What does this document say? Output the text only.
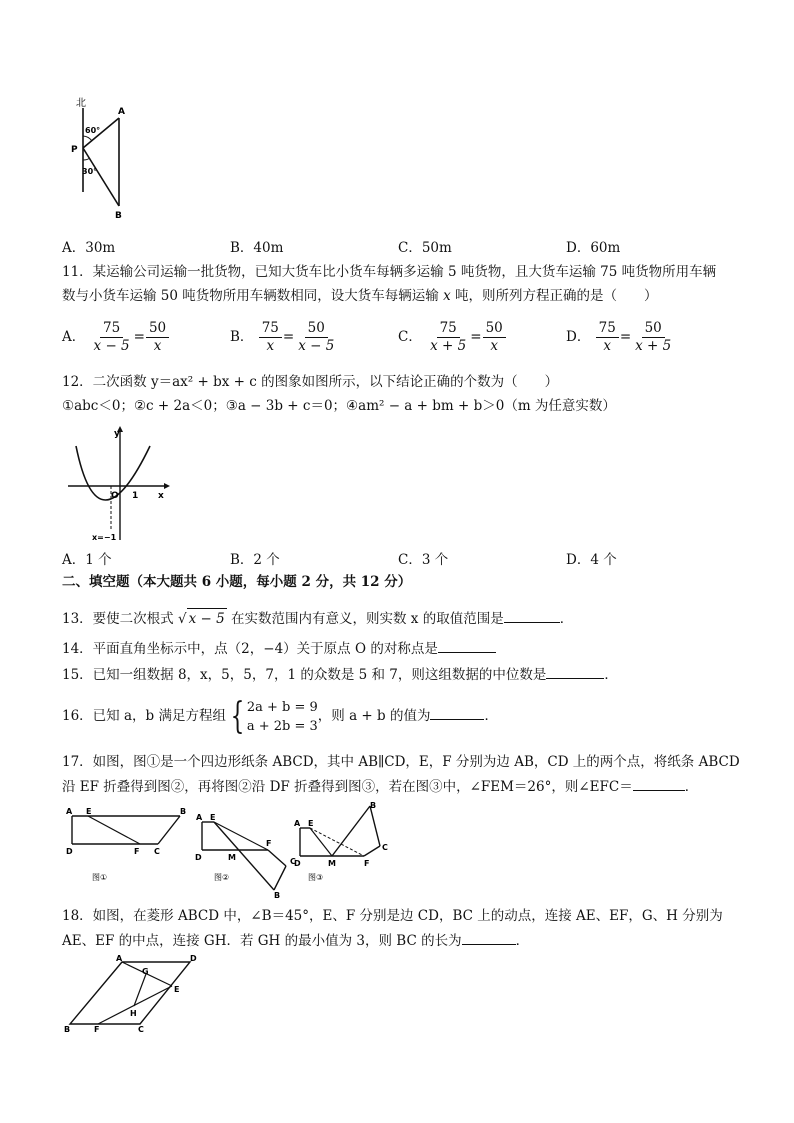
北
A
P
B
60°
30°
A．30m	B．40m	C．50m	D．60m
11．某运输公司运输一批货物，已知大货车比小货车每辆多运输 5 吨货物，且大货车运输 75 吨货物所用车辆
数与小货车运输 50 吨货物所用车辆数相同，设大货车每辆运输 x 吨，则所列方程正确的是（　　）
A． $\frac{75}{x - 5} = \frac{50}{x}$	B． $\frac{75}{x} = \frac{50}{x - 5}$	C． $\frac{75}{x + 5} = \frac{50}{x}$	D． $\frac{75}{x} = \frac{50}{x + 5}$
12．二次函数 y＝ax² + bx + c 的图象如图所示，以下结论正确的个数为（　　）
①abc＜0；②c + 2a＜0；③a − 3b + c＝0；④am² − a + bm + b＞0（m 为任意实数）
y
x
O 1
x=−1
A．1 个	B．2 个	C．3 个	D．4 个
二、填空题（本大题共 6 小题，每小题 2 分，共 12 分）
13．要使二次根式 √ x − 5 在实数范围内有意义，则实数 x 的取值范围是	．
14．平面直角坐标示中，点（2，−4）关于原点 O 的对称点是
15．已知一组数据 8，x，5，5，7，1 的众数是 5 和 7，则这组数据的中位数是	．
16．已知 a，b 满足方程组 { 2a + b = 9
a + 2b = 3
，则 a + b 的值为	．
17．如图，图①是一个四边形纸条 ABCD，其中 AB∥CD，E，F 分别为边 AB，CD 上的两个点，将纸条 ABCD
沿 EF 折叠得到图②，再将图②沿 DF 折叠得到图③，若在图③中，∠FEM＝26°，则∠EFC＝	．
A E	B
D	F C
图①
A E
D	M
F
C
B
图②
A E
B
D	M	F
C
图③
18．如图，在菱形 ABCD 中，∠B＝45°，E、F 分别是边 CD，BC 上的动点，连接 AE、EF，G、H 分别为
AE、EF 的中点，连接 GH．若 GH 的最小值为 3，则 BC 的长为	．
A	D
G
E
H
B	F	C
